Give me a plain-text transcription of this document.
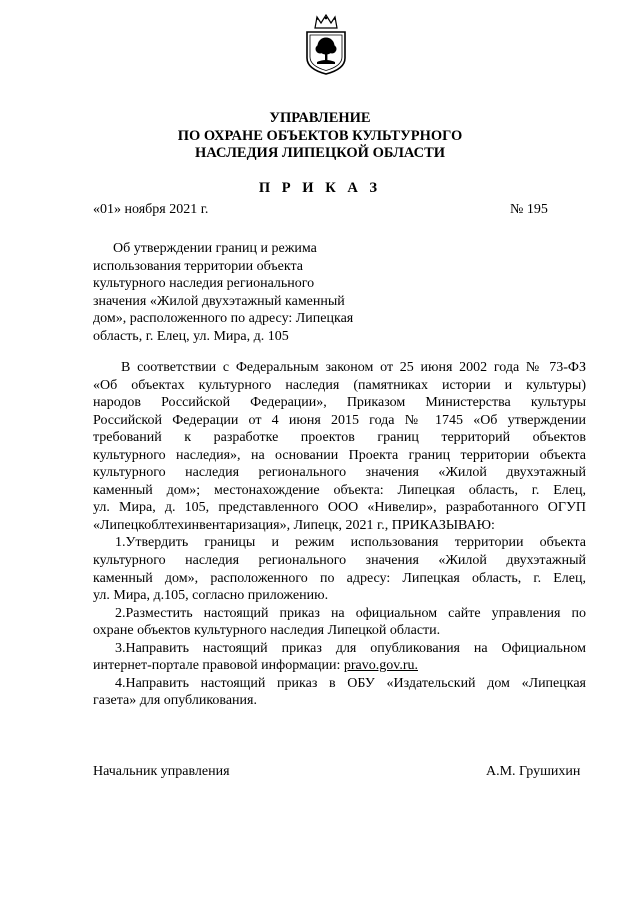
УПРАВЛЕНИЕ
ПО ОХРАНЕ ОБЪЕКТОВ КУЛЬТУРНОГО
НАСЛЕДИЯ ЛИПЕЦКОЙ ОБЛАСТИ
П Р И К А З
«01» ноября 2021 г.	№ 195
Об утверждении границ и режима
использования территории объекта
культурного наследия регионального
значения «Жилой двухэтажный каменный
дом», расположенного по адресу: Липецкая
область, г. Елец, ул. Мира, д. 105
В соответствии с Федеральным законом от 25 июня 2002 года № 73-ФЗ
«Об объектах культурного наследия (памятниках истории и культуры)
народов Российской Федерации», Приказом Министерства культуры
Российской Федерации от 4 июня 2015 года № 1745 «Об утверждении
требований к разработке проектов границ территорий объектов
культурного наследия», на основании Проекта границ территории объекта
культурного наследия регионального значения «Жилой двухэтажный
каменный дом»; местонахождение объекта: Липецкая область, г. Елец,
ул. Мира, д. 105, представленного ООО «Нивелир», разработанного ОГУП
«Липецкоблтехинвентаризация», Липецк, 2021 г., ПРИКАЗЫВАЮ:
1.Утвердить границы и режим использования территории объекта
культурного наследия регионального значения «Жилой двухэтажный
каменный дом», расположенного по адресу: Липецкая область, г. Елец,
ул. Мира, д.105, согласно приложению.
2.Разместить настоящий приказ на официальном сайте управления по
охране объектов культурного наследия Липецкой области.
3.Направить настоящий приказ для опубликования на Официальном
интернет-портале правовой информации: pravo.gov.ru.
4.Направить настоящий приказ в ОБУ «Издательский дом «Липецкая
газета» для опубликования.
Начальник управления	А.М. Грушихин
